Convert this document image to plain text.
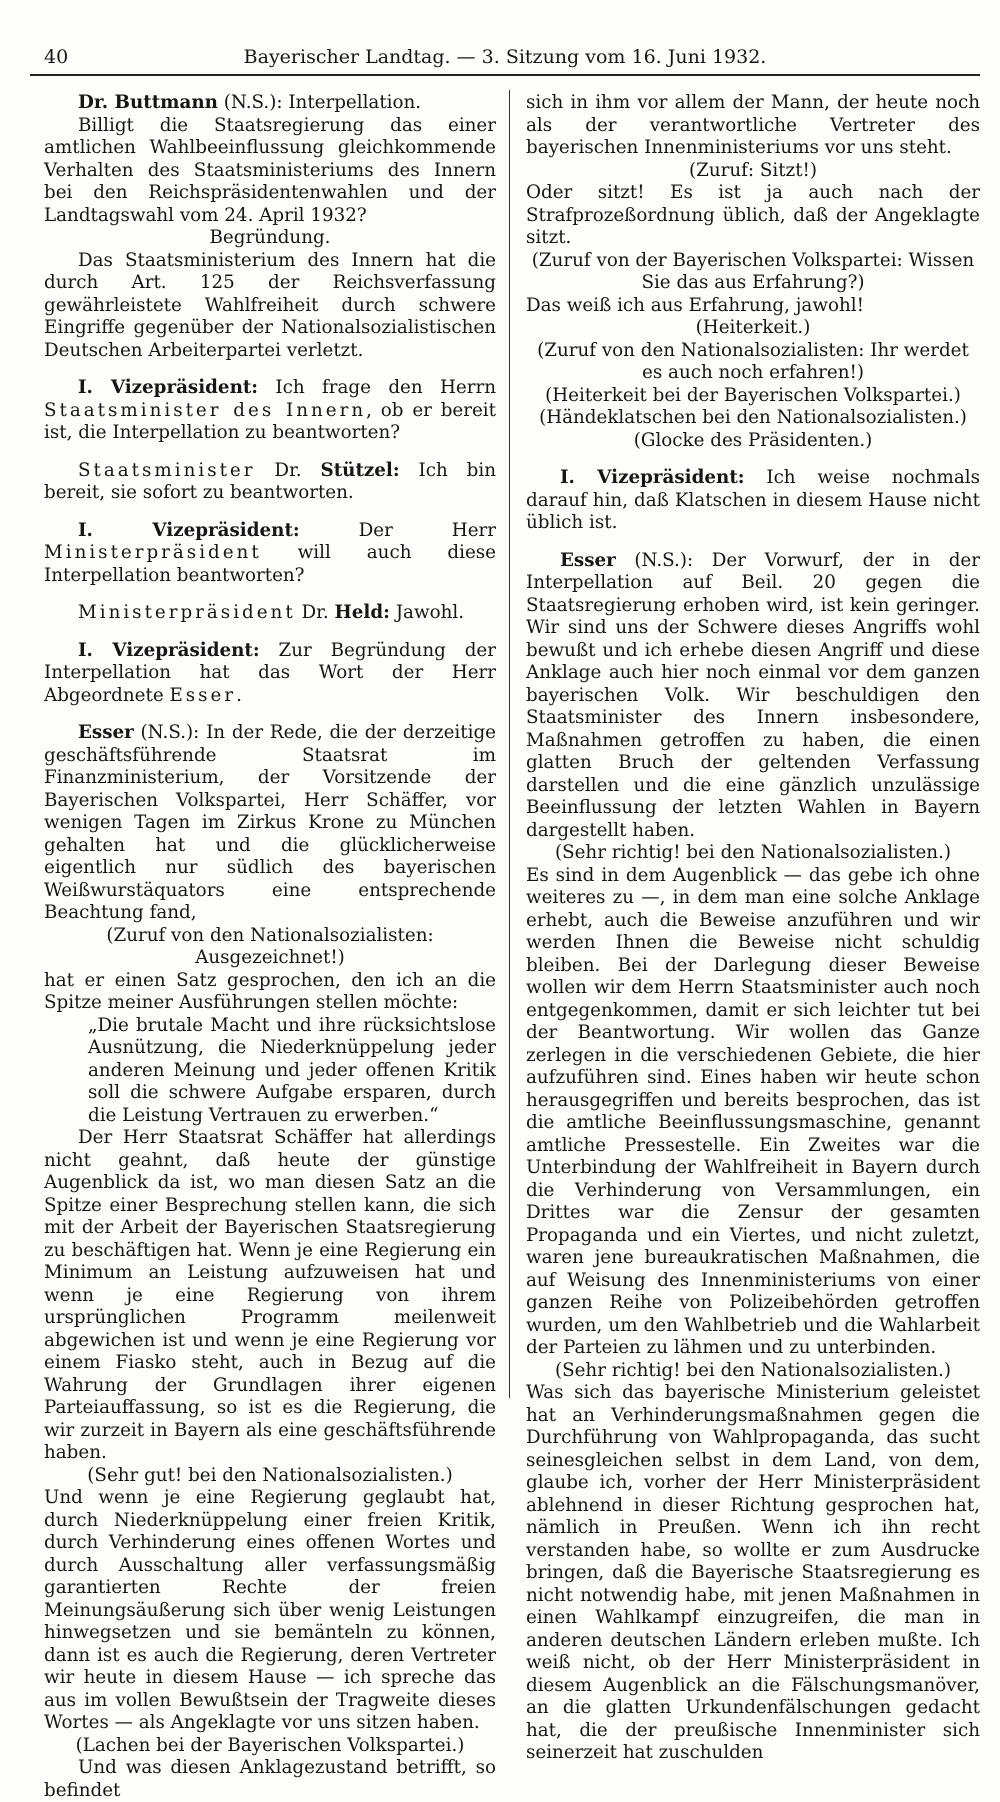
40	Bayerischer Landtag. — 3. Sitzung vom 16. Juni 1932.

Dr. Buttmann (N.S.): Interpellation.

Billigt die Staatsregierung das einer amtlichen Wahlbeeinflussung gleichkommende Verhalten des Staatsministeriums des Innern bei den Reichspräsidentenwahlen und der Landtagswahl vom 24. April 1932?

Begründung.

Das Staatsministerium des Innern hat die durch Art. 125 der Reichsverfassung gewährleistete Wahlfreiheit durch schwere Eingriffe gegenüber der Nationalsozialistischen Deutschen Arbeiterpartei verletzt.

I. Vizepräsident: Ich frage den Herrn Staatsminister des Innern, ob er bereit ist, die Interpellation zu beantworten?

Staatsminister Dr. Stützel: Ich bin bereit, sie sofort zu beantworten.

I. Vizepräsident: Der Herr Ministerpräsident will auch diese Interpellation beantworten?

Ministerpräsident Dr. Held: Jawohl.

I. Vizepräsident: Zur Begründung der Interpellation hat das Wort der Herr Abgeordnete Esser.

Esser (N.S.): In der Rede, die der derzeitige geschäftsführende Staatsrat im Finanzministerium, der Vorsitzende der Bayerischen Volkspartei, Herr Schäffer, vor wenigen Tagen im Zirkus Krone zu München gehalten hat und die glücklicherweise eigentlich nur südlich des bayerischen Weißwurstäquators eine entsprechende Beachtung fand,

(Zuruf von den Nationalsozialisten: Ausgezeichnet!)

hat er einen Satz gesprochen, den ich an die Spitze meiner Ausführungen stellen möchte:

„Die brutale Macht und ihre rücksichtslose Ausnützung, die Niederknüppelung jeder anderen Meinung und jeder offenen Kritik soll die schwere Aufgabe ersparen, durch die Leistung Vertrauen zu erwerben.“

Der Herr Staatsrat Schäffer hat allerdings nicht geahnt, daß heute der günstige Augenblick da ist, wo man diesen Satz an die Spitze einer Besprechung stellen kann, die sich mit der Arbeit der Bayerischen Staatsregierung zu beschäftigen hat. Wenn je eine Regierung ein Minimum an Leistung aufzuweisen hat und wenn je eine Regierung von ihrem ursprünglichen Programm meilenweit abgewichen ist und wenn je eine Regierung vor einem Fiasko steht, auch in Bezug auf die Wahrung der Grundlagen ihrer eigenen Parteiauffassung, so ist es die Regierung, die wir zurzeit in Bayern als eine geschäftsführende haben.

(Sehr gut! bei den Nationalsozialisten.)

Und wenn je eine Regierung geglaubt hat, durch Niederknüppelung einer freien Kritik, durch Verhinderung eines offenen Wortes und durch Ausschaltung aller verfassungsmäßig garantierten Rechte der freien Meinungsäußerung sich über wenig Leistungen hinwegsetzen und sie bemänteln zu können, dann ist es auch die Regierung, deren Vertreter wir heute in diesem Hause — ich spreche das aus im vollen Bewußtsein der Tragweite dieses Wortes — als Angeklagte vor uns sitzen haben.

(Lachen bei der Bayerischen Volkspartei.)

Und was diesen Anklagezustand betrifft, so befindet

sich in ihm vor allem der Mann, der heute noch als der verantwortliche Vertreter des bayerischen Innenministeriums vor uns steht.

(Zuruf: Sitzt!)

Oder sitzt! Es ist ja auch nach der Strafprozeßordnung üblich, daß der Angeklagte sitzt.

(Zuruf von der Bayerischen Volkspartei: Wissen Sie das aus Erfahrung?)

Das weiß ich aus Erfahrung, jawohl!

(Heiterkeit.)

(Zuruf von den Nationalsozialisten: Ihr werdet es auch noch erfahren!)

(Heiterkeit bei der Bayerischen Volkspartei.)

(Händeklatschen bei den Nationalsozialisten.)

(Glocke des Präsidenten.)

I. Vizepräsident: Ich weise nochmals darauf hin, daß Klatschen in diesem Hause nicht üblich ist.

Esser (N.S.): Der Vorwurf, der in der Interpellation auf Beil. 20 gegen die Staatsregierung erhoben wird, ist kein geringer. Wir sind uns der Schwere dieses Angriffs wohl bewußt und ich erhebe diesen Angriff und diese Anklage auch hier noch einmal vor dem ganzen bayerischen Volk. Wir beschuldigen den Staatsminister des Innern insbesondere, Maßnahmen getroffen zu haben, die einen glatten Bruch der geltenden Verfassung darstellen und die eine gänzlich unzulässige Beeinflussung der letzten Wahlen in Bayern dargestellt haben.

(Sehr richtig! bei den Nationalsozialisten.)

Es sind in dem Augenblick — das gebe ich ohne weiteres zu —, in dem man eine solche Anklage erhebt, auch die Beweise anzuführen und wir werden Ihnen die Beweise nicht schuldig bleiben. Bei der Darlegung dieser Beweise wollen wir dem Herrn Staatsminister auch noch entgegenkommen, damit er sich leichter tut bei der Beantwortung. Wir wollen das Ganze zerlegen in die verschiedenen Gebiete, die hier aufzuführen sind. Eines haben wir heute schon herausgegriffen und bereits besprochen, das ist die amtliche Beeinflussungsmaschine, genannt amtliche Pressestelle. Ein Zweites war die Unterbindung der Wahlfreiheit in Bayern durch die Verhinderung von Versammlungen, ein Drittes war die Zensur der gesamten Propaganda und ein Viertes, und nicht zuletzt, waren jene bureaukratischen Maßnahmen, die auf Weisung des Innenministeriums von einer ganzen Reihe von Polizeibehörden getroffen wurden, um den Wahlbetrieb und die Wahlarbeit der Parteien zu lähmen und zu unterbinden.

(Sehr richtig! bei den Nationalsozialisten.)

Was sich das bayerische Ministerium geleistet hat an Verhinderungsmaßnahmen gegen die Durchführung von Wahlpropaganda, das sucht seinesgleichen selbst in dem Land, von dem, glaube ich, vorher der Herr Ministerpräsident ablehnend in dieser Richtung gesprochen hat, nämlich in Preußen. Wenn ich ihn recht verstanden habe, so wollte er zum Ausdrucke bringen, daß die Bayerische Staatsregierung es nicht notwendig habe, mit jenen Maßnahmen in einen Wahlkampf einzugreifen, die man in anderen deutschen Ländern erleben mußte. Ich weiß nicht, ob der Herr Ministerpräsident in diesem Augenblick an die Fälschungsmanöver, an die glatten Urkundenfälschungen gedacht hat, die der preußische Innenminister sich seinerzeit hat zuschulden
